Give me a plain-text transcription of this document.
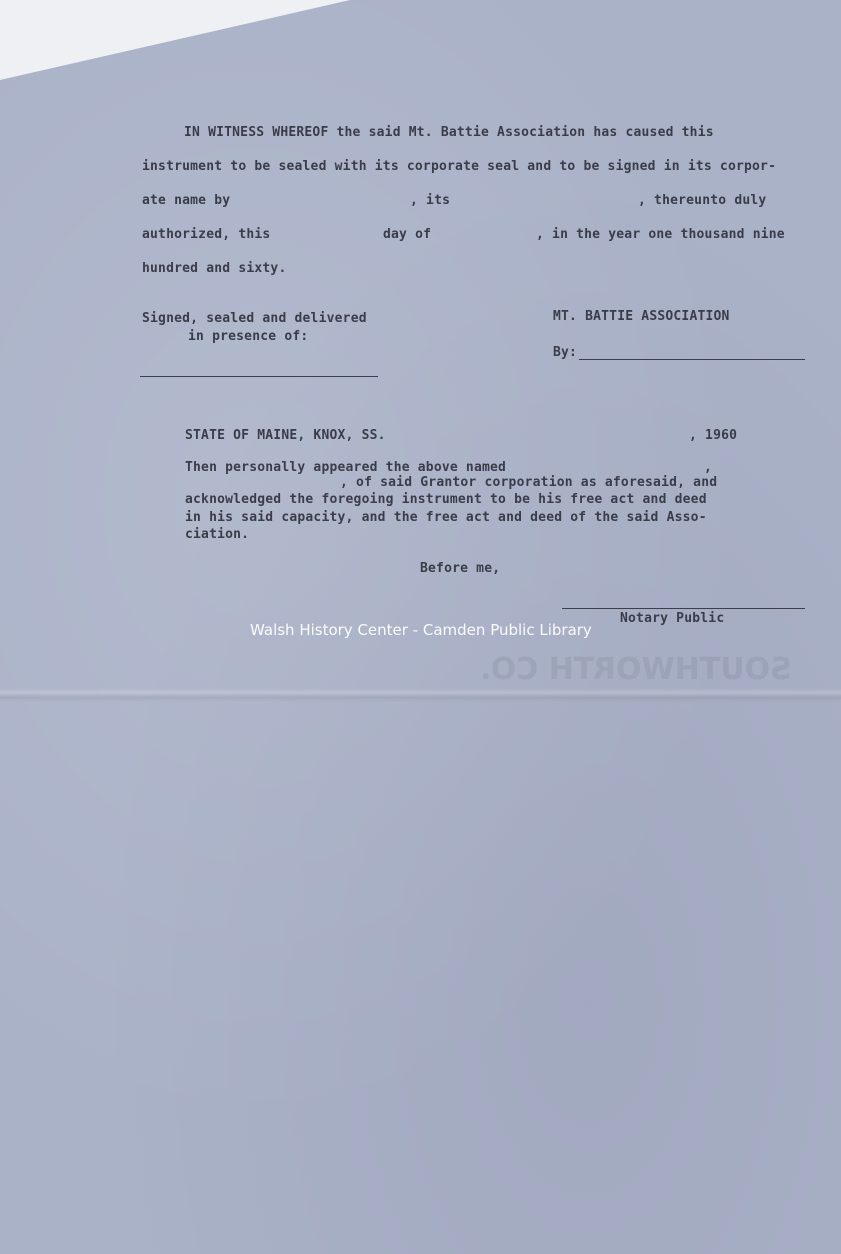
SOUTHWORTH CO.
IN WITNESS WHEREOF the said Mt. Battie Association has caused this
instrument to be sealed with its corporate seal and to be signed in its corpor-
ate name by	, its	, thereunto duly
authorized, this	day of	, in the year one thousand nine
hundred and sixty.
Signed, sealed and delivered
in presence of:
MT. BATTIE ASSOCIATION
By:
STATE OF MAINE, KNOX, SS.	, 1960
Then personally appeared the above named	,
, of said Grantor corporation as aforesaid, and
acknowledged the foregoing instrument to be his free act and deed
in his said capacity, and the free act and deed of the said Asso-
ciation.
Before me,
Notary Public
Walsh History Center - Camden Public Library
